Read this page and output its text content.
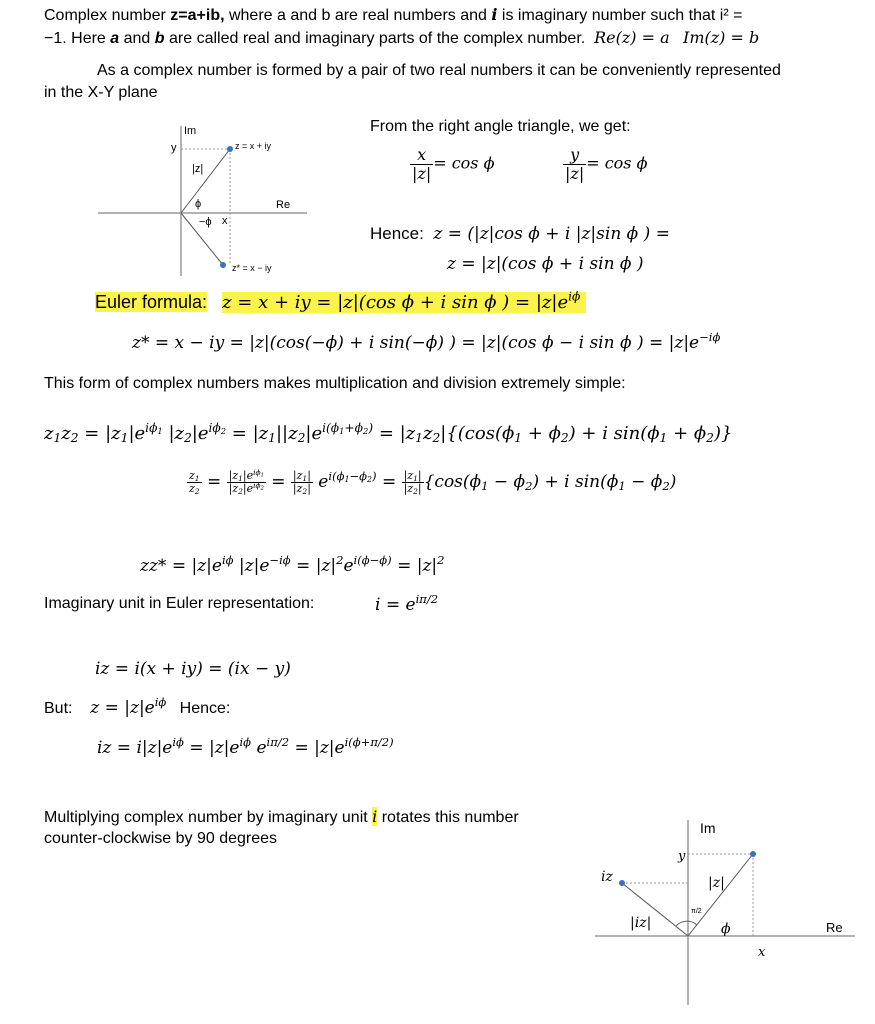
Complex number z=a+ib, where a and b are real numbers and i is imaginary number such that i² =
−1. Here a and b are called real and imaginary parts of the complex number. Re(z) = a Im(z) = b
As a complex number is formed by a pair of two real numbers it can be conveniently represented
in the X-Y plane
Im
Re
y	z = x + iy
|z|
ϕ
−ϕ x
z* = x − iy
From the right angle triangle, we get:
$\frac{x}{|z|} = \cos \phi$	$\frac{y}{|z|} = \cos \phi$
Hence: z = (|z|cos ϕ + i |z|sin ϕ ) =
z = |z|(cos ϕ + i sin ϕ )
Euler formula: z = x + iy = |z|(cos ϕ + i sin ϕ ) = $|z|e^{i\phi}$
z* = x − iy = |z|(cos(−ϕ) + i sin(−ϕ) ) = |z|(cos ϕ − i sin ϕ ) = $|z|e^{-i\phi}$
This form of complex numbers makes multiplication and division extremely simple:
$z_1z_2 = |z_1|e^{i\phi_1}$ $|z_2|e^{i\phi_2} = |z_1||z_2|e^{i(\phi_1+\phi_2)} = |z_1z_2|\{(\cos(\phi_1 + \phi_2) + i$ $\sin(\phi_1 + \phi_2)$}
$\frac{z_1}{z_2} = \frac{|z_1|e^{i\phi_1}}{|z_2|e^{i\phi_2}} = \frac{|z_1|}{|z_2|} e^{i(\phi_1-\phi_2)} = \frac{|z_1|}{|z_2|} \{\cos(\phi_1 - \phi_2) + i$ $\sin(\phi_1 - \phi_2)$
$zz* = |z|e^{i\phi}$ $|z|e^{-i\phi} = |z|^2e^{i(\phi-\phi)} = |z|^2$
Imaginary unit in Euler representation:	$i = e^{i\pi/2}$
iz = i(x + iy) = (ix − y)
But: $z = |z|e^{i\phi}$ Hence:
iz = $i|z|e^{i\phi} = |z|e^{i\phi}$ $e^{i\pi/2} = |z|e^{i(\phi+\pi/2)}$
Multiplying complex number by imaginary unit i rotates this number
counter-clockwise by 90 degrees
Im
Re
y
x
iz	|z|
|iz|	ϕ
π/2
